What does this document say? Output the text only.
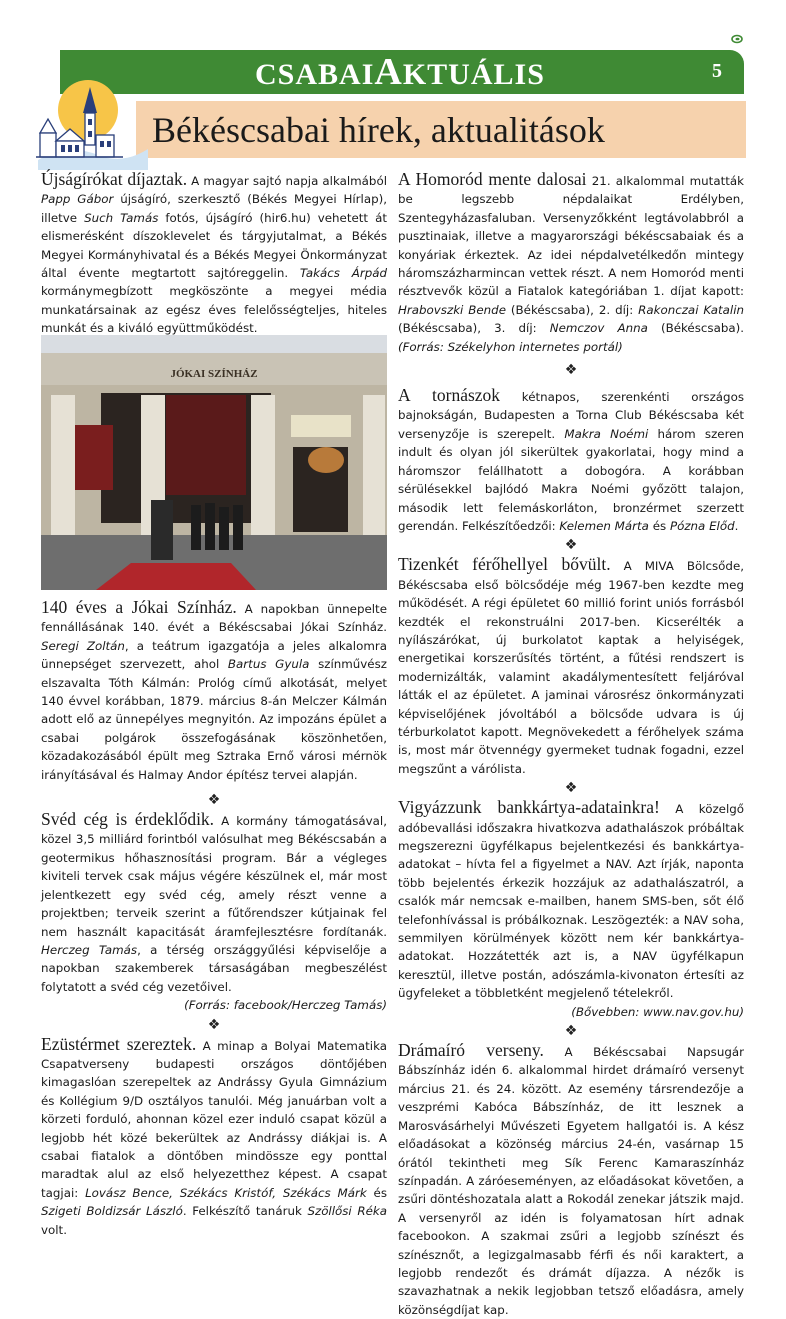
CSABAIAKTUÁLIS	5
Békéscsabai hírek, aktualitások

Újságírókat díjaztak. A magyar sajtó napja alkalmából Papp Gábor újságíró, szerkesztő (Békés Megyei Hírlap), illetve Such Tamás fotós, újságíró (hir6.hu) vehetett át elismerésként díszoklevelet és tárgyjutalmat, a Békés Megyei Kormányhivatal és a Békés Megyei Önkormányzat által évente megtartott sajtóreggelin. Takács Árpád kormánymegbízott megköszönte a megyei média munkatársainak az egész éves felelősségteljes, hiteles munkát és a kiváló együttműködést.

JÓKAI SZÍNHÁZ

140 éves a Jókai Színház. A napokban ünnepelte fennállásának 140. évét a Békéscsabai Jókai Színház. Seregi Zoltán, a teátrum igazgatója a jeles alkalomra ünnepséget szervezett, ahol Bartus Gyula színművész elszavalta Tóth Kálmán: Prológ című alkotását, melyet 140 évvel korábban, 1879. március 8-án Melczer Kálmán adott elő az ünnepélyes megnyitón. Az impozáns épület a csabai polgárok összefogásának köszönhetően, közadakozásából épült meg Sztraka Ernő városi mérnök irányításával és Halmay Andor építész tervei alapján.

❖

Svéd cég is érdeklődik. A kormány támogatásával, közel 3,5 milliárd forintból valósulhat meg Békéscsabán a geotermikus hőhasznosítási program. Bár a végleges kiviteli tervek csak május végére készülnek el, már most jelentkezett egy svéd cég, amely részt venne a projektben; terveik szerint a fűtőrendszer kútjainak fel nem használt kapacitását áramfejlesztésre fordítanák. Herczeg Tamás, a térség országgyűlési képviselője a napokban szakemberek társaságában megbeszélést folytatott a svéd cég vezetőivel.

(Forrás: facebook/Herczeg Tamás)

❖

Ezüstérmet szereztek. A minap a Bolyai Matematika Csapatverseny budapesti országos döntőjében kimagaslóan szerepeltek az Andrássy Gyula Gimnázium és Kollégium 9/D osztályos tanulói. Még januárban volt a körzeti forduló, ahonnan közel ezer induló csapat közül a legjobb hét közé bekerültek az Andrássy diákjai is. A csabai fiatalok a döntőben mindössze egy ponttal maradtak alul az első helyezetthez képest. A csapat tagjai: Lovász Bence, Székács Kristóf, Székács Márk és Szigeti Boldizsár László. Felkészítő tanáruk Szöllősi Réka volt.

A Homoród mente dalosai 21. alkalommal mutatták be legszebb népdalaikat Erdélyben, Szentegyházasfaluban. Versenyzőkként legtávolabbról a pusztinaiak, illetve a magyarországi békéscsabaiak és a konyáriak érkeztek. Az idei népdalvetélkedőn mintegy háromszázharmincan vettek részt. A nem Homoród menti résztvevők közül a Fiatalok kategóriában 1. díjat kapott: Hrabovszki Bende (Békéscsaba), 2. díj: Rakonczai Katalin (Békéscsaba), 3. díj: Nemczov Anna (Békéscsaba). (Forrás: Székelyhon internetes portál)

❖

A tornászok kétnapos, szerenkénti országos bajnokságán, Budapesten a Torna Club Békéscsaba két versenyzője is szerepelt. Makra Noémi három szeren indult és olyan jól sikerültek gyakorlatai, hogy mind a háromszor felállhatott a dobogóra. A korábban sérülésekkel bajlódó Makra Noémi győzött talajon, második lett felemáskorláton, bronzérmet szerzett gerendán. Felkészítőedzői: Kelemen Márta és Pózna Előd.

❖

Tizenkét férőhellyel bővült. A MIVA Bölcsőde, Békéscsaba első bölcsődéje még 1967-ben kezdte meg működését. A régi épületet 60 millió forint uniós forrásból kezdték el rekonstruálni 2017-ben. Kicserélték a nyílászárókat, új burkolatot kaptak a helyiségek, energetikai korszerűsítés történt, a fűtési rendszert is modernizálták, valamint akadálymentesített feljáróval látták el az épületet. A jaminai városrész önkormányzati képviselőjének jóvoltából a bölcsőde udvara is új térburkolatot kapott. Megnövekedett a férőhelyek száma is, most már ötvennégy gyermeket tudnak fogadni, ezzel megszűnt a várólista.

❖

Vigyázzunk bankkártya-adatainkra! A közelgő adóbevallási időszakra hivatkozva adathalászok próbáltak megszerezni ügyfélkapus bejelentkezési és bankkártya-adatokat – hívta fel a figyelmet a NAV. Azt írják, naponta több bejelentés érkezik hozzájuk az adathalászatról, a csalók már nemcsak e-mailben, hanem SMS-ben, sőt élő telefonhívással is próbálkoznak. Leszögezték: a NAV soha, semmilyen körülmények között nem kér bankkártya-adatokat. Hozzátették azt is, a NAV ügyfélkapun keresztül, illetve postán, adószámla-kivonaton értesíti az ügyfeleket a többletként megjelenő tételekről.

(Bővebben: www.nav.gov.hu)

❖

Drámaíró verseny. A Békéscsabai Napsugár Bábszínház idén 6. alkalommal hirdet drámaíró versenyt március 21. és 24. között. Az esemény társrendezője a veszprémi Kabóca Bábszínház, de itt lesznek a Marosvásárhelyi Művészeti Egyetem hallgatói is. A kész előadásokat a közönség március 24-én, vasárnap 15 órától tekintheti meg Sík Ferenc Kamaraszínház színpadán. A záróeseményen, az előadásokat követően, a zsűri döntéshozatala alatt a Rokodál zenekar játszik majd. A versenyről az idén is folyamatosan hírt adnak facebookon. A szakmai zsűri a legjobb színészt és színésznőt, a legizgalmasabb férfi és női karaktert, a legjobb rendezőt és drámát díjazza. A nézők is szavazhatnak a nekik legjobban tetsző előadásra, amely közönségdíjat kap.
